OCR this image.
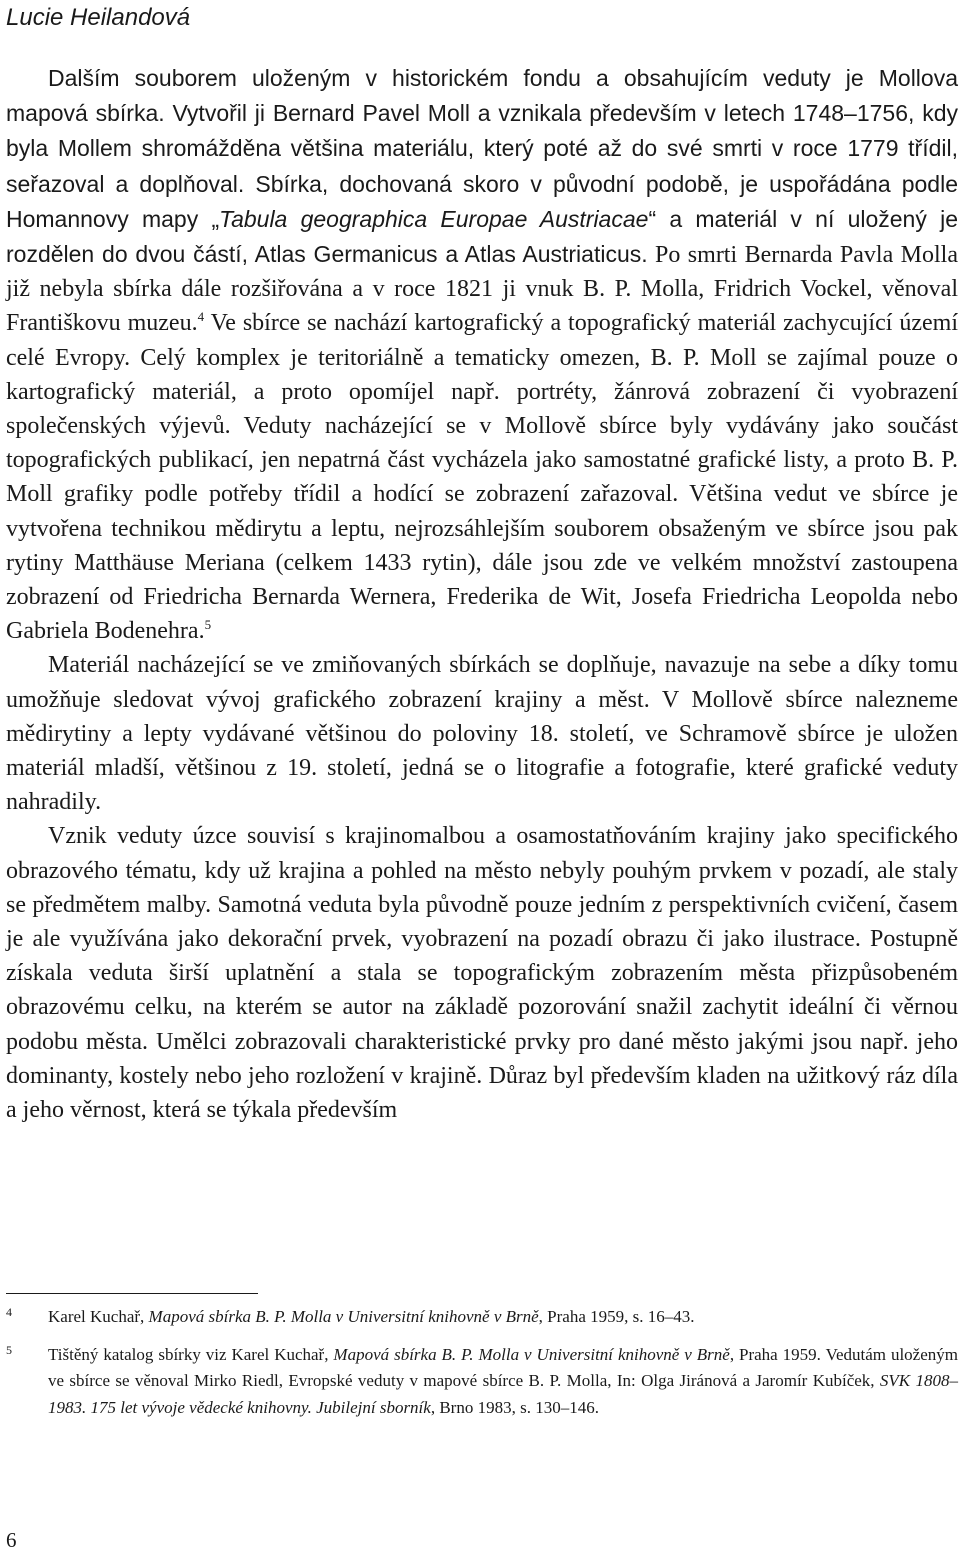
Lucie Heilandová

Dalším souborem uloženým v historickém fondu a obsahujícím veduty je Mollova mapová sbírka. Vytvořil ji Bernard Pavel Moll a vznikala především v letech 1748–1756, kdy byla Mollem shromážděna většina materiálu, který poté až do své smrti v roce 1779 třídil, seřazoval a doplňoval. Sbírka, dochovaná skoro v původní podobě, je uspořádána podle Homannovy mapy „Tabula geographica Europae Austriacae“ a materiál v ní uložený je rozdělen do dvou částí, Atlas Germanicus a Atlas Austriaticus. Po smrti Bernarda Pavla Molla již nebyla sbírka dále rozšiřována a v roce 1821 ji vnuk B. P. Molla, Fridrich Vockel, věnoval Františkovu muzeu.$^4$ Ve sbírce se nachází kartografický a topografický materiál zachycující území celé Evropy. Celý komplex je teritoriálně a tematicky omezen, B. P. Moll se zajímal pouze o kartografický materiál, a proto opomíjel např. portréty, žánrová zobrazení či vyobrazení společenských výjevů. Veduty nacházející se v Mollově sbírce byly vydávány jako součást topografických publikací, jen nepatrná část vycházela jako samostatné grafické listy, a proto B. P. Moll grafiky podle potřeby třídil a hodící se zobrazení zařazoval. Většina vedut ve sbírce je vytvořena technikou mědirytu a leptu, nejrozsáhlejším souborem obsaženým ve sbírce jsou pak rytiny Matthäuse Meriana (celkem 1433 rytin), dále jsou zde ve velkém množství zastoupena zobrazení od Friedricha Bernarda Wernera, Frederika de Wit, Josefa Friedricha Leopolda nebo Gabriela Bodenehra.$^5$

Materiál nacházející se ve zmiňovaných sbírkách se doplňuje, navazuje na sebe a díky tomu umožňuje sledovat vývoj grafického zobrazení krajiny a měst. V Mollově sbírce nalezneme mědirytiny a lepty vydávané většinou do poloviny 18. století, ve Schramově sbírce je uložen materiál mladší, většinou z 19. století, jedná se o litografie a fotografie, které grafické veduty nahradily.

Vznik veduty úzce souvisí s krajinomalbou a osamostatňováním krajiny jako specifického obrazového tématu, kdy už krajina a pohled na město nebyly pouhým prvkem v pozadí, ale staly se předmětem malby. Samotná veduta byla původně pouze jedním z perspektivních cvičení, časem je ale využívána jako dekorační prvek, vyobrazení na pozadí obrazu či jako ilustrace. Postupně získala veduta širší uplatnění a stala se topografickým zobrazením města přizpůsobeném obrazovému celku, na kterém se autor na základě pozorování snažil zachytit ideální či věrnou podobu města. Umělci zobrazovali charakteristické prvky pro dané město jakými jsou např. jeho dominanty, kostely nebo jeho rozložení v krajině. Důraz byl především kladen na užitkový ráz díla a jeho věrnost, která se týkala především

4 Karel Kuchař, Mapová sbírka B. P. Molla v Universitní knihovně v Brně, Praha 1959, s. 16–43.

5 Tištěný katalog sbírky viz Karel Kuchař, Mapová sbírka B. P. Molla v Universitní knihovně v Brně, Praha 1959. Vedutám uloženým ve sbírce se věnoval Mirko Riedl, Evropské veduty v mapové sbírce B. P. Molla, In: Olga Jiránová a Jaromír Kubíček, SVK 1808–1983. 175 let vývoje vědecké knihovny. Jubilejní sborník, Brno 1983, s. 130–146.

6
